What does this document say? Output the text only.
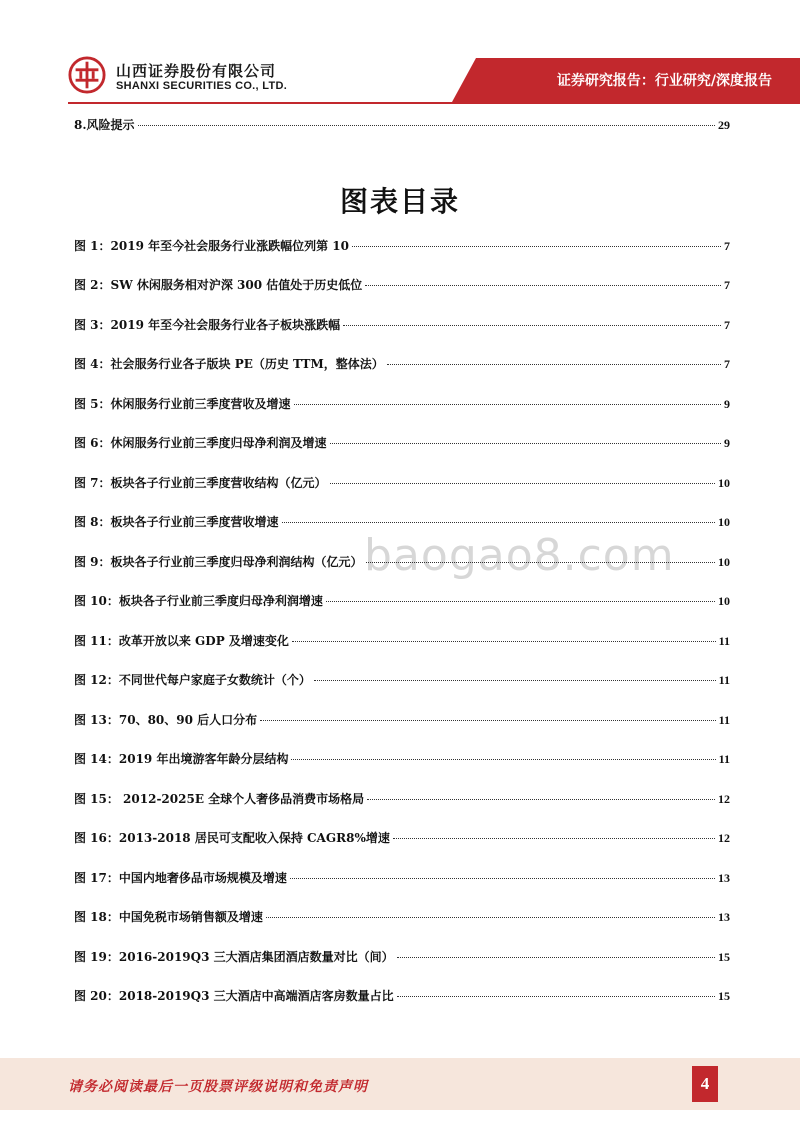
山西证券股份有限公司
SHANXI SECURITIES CO., LTD.	证券研究报告：行业研究/深度报告
8.风险提示	29
图表目录
baogao8.com
图 1：2019 年至今社会服务行业涨跌幅位列第 10	7
图 2：SW 休闲服务相对沪深 300 估值处于历史低位	7
图 3：2019 年至今社会服务行业各子板块涨跌幅	7
图 4：社会服务行业各子版块 PE（历史 TTM，整体法）	7
图 5：休闲服务行业前三季度营收及增速	9
图 6：休闲服务行业前三季度归母净利润及增速	9
图 7：板块各子行业前三季度营收结构（亿元）	10
图 8：板块各子行业前三季度营收增速	10
图 9：板块各子行业前三季度归母净利润结构（亿元）	10
图 10：板块各子行业前三季度归母净利润增速	10
图 11：改革开放以来 GDP 及增速变化	11
图 12：不同世代每户家庭子女数统计（个）	11
图 13：70、80、90 后人口分布	11
图 14：2019 年出境游客年龄分层结构	11
图 15： 2012-2025E 全球个人奢侈品消费市场格局	12
图 16：2013-2018 居民可支配收入保持 CAGR8%增速	12
图 17：中国内地奢侈品市场规模及增速	13
图 18：中国免税市场销售额及增速	13
图 19：2016-2019Q3 三大酒店集团酒店数量对比（间）	15
图 20：2018-2019Q3 三大酒店中高端酒店客房数量占比	15
请务必阅读最后一页股票评级说明和免责声明	4
